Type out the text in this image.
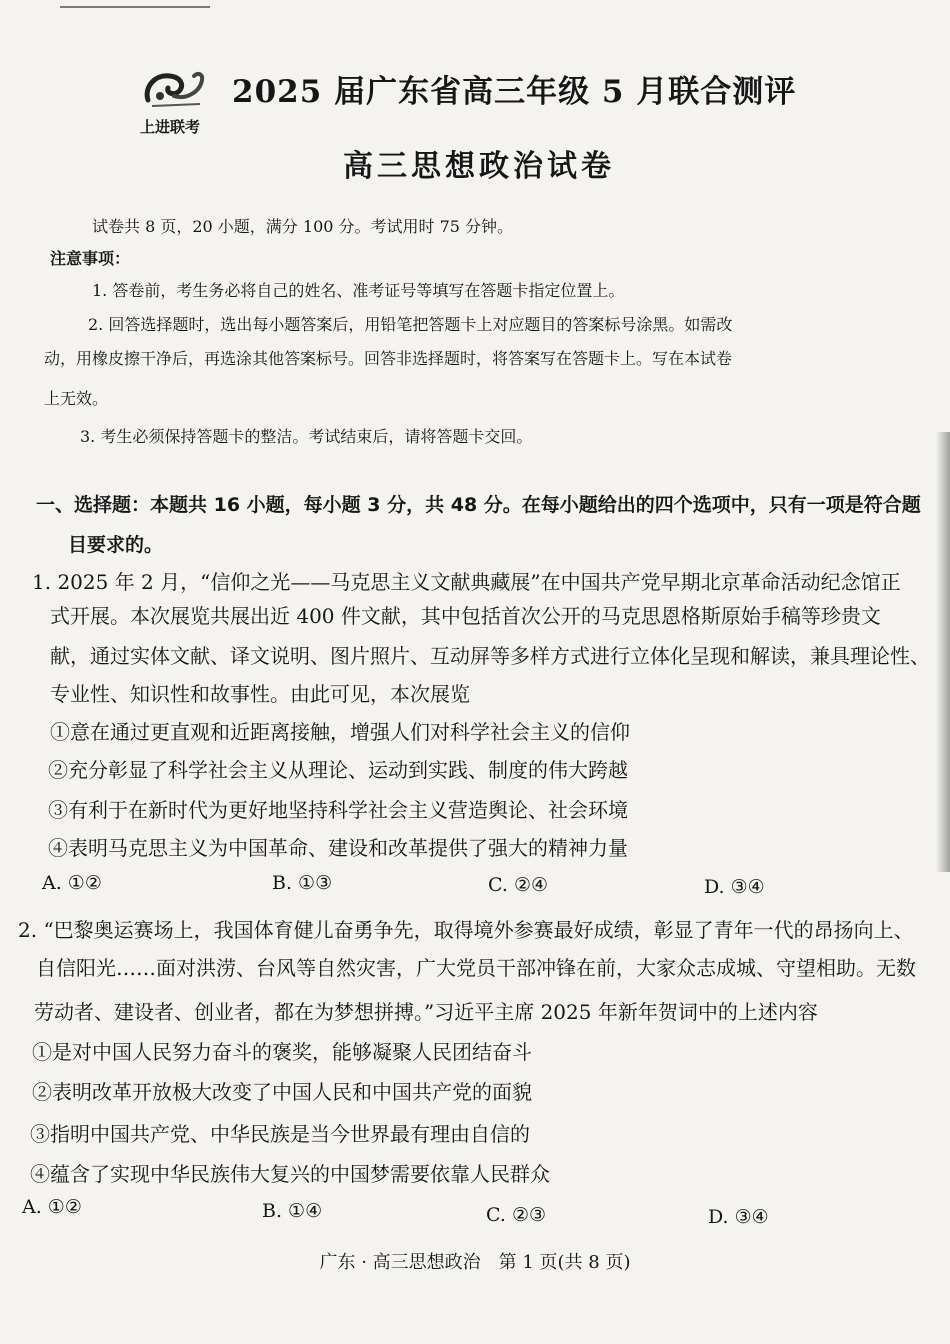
上进联考
2025 届广东省高三年级 5 月联合测评
高三思想政治试卷
试卷共 8 页，20 小题，满分 100 分。考试用时 75 分钟。
注意事项：
1. 答卷前，考生务必将自己的姓名、准考证号等填写在答题卡指定位置上。
2. 回答选择题时，选出每小题答案后，用铅笔把答题卡上对应题目的答案标号涂黑。如需改
动，用橡皮擦干净后，再选涂其他答案标号。回答非选择题时，将答案写在答题卡上。写在本试卷
上无效。
3. 考生必须保持答题卡的整洁。考试结束后，请将答题卡交回。
一、选择题：本题共 16 小题，每小题 3 分，共 48 分。在每小题给出的四个选项中，只有一项是符合题
目要求的。
1. 2025 年 2 月，“信仰之光——马克思主义文献典藏展”在中国共产党早期北京革命活动纪念馆正
式开展。本次展览共展出近 400 件文献，其中包括首次公开的马克思恩格斯原始手稿等珍贵文
献，通过实体文献、译文说明、图片照片、互动屏等多样方式进行立体化呈现和解读，兼具理论性、
专业性、知识性和故事性。由此可见，本次展览
①意在通过更直观和近距离接触，增强人们对科学社会主义的信仰
②充分彰显了科学社会主义从理论、运动到实践、制度的伟大跨越
③有利于在新时代为更好地坚持科学社会主义营造舆论、社会环境
④表明马克思主义为中国革命、建设和改革提供了强大的精神力量
A. ①②	B. ①③	C. ②④	D. ③④
2. “巴黎奥运赛场上，我国体育健儿奋勇争先，取得境外参赛最好成绩，彰显了青年一代的昂扬向上、
自信阳光……面对洪涝、台风等自然灾害，广大党员干部冲锋在前，大家众志成城、守望相助。无数
劳动者、建设者、创业者，都在为梦想拼搏。”习近平主席 2025 年新年贺词中的上述内容
①是对中国人民努力奋斗的褒奖，能够凝聚人民团结奋斗
②表明改革开放极大改变了中国人民和中国共产党的面貌
③指明中国共产党、中华民族是当今世界最有理由自信的
④蕴含了实现中华民族伟大复兴的中国梦需要依靠人民群众
A. ①②	B. ①④	C. ②③	D. ③④
广东 · 高三思想政治　第 1 页(共 8 页)
